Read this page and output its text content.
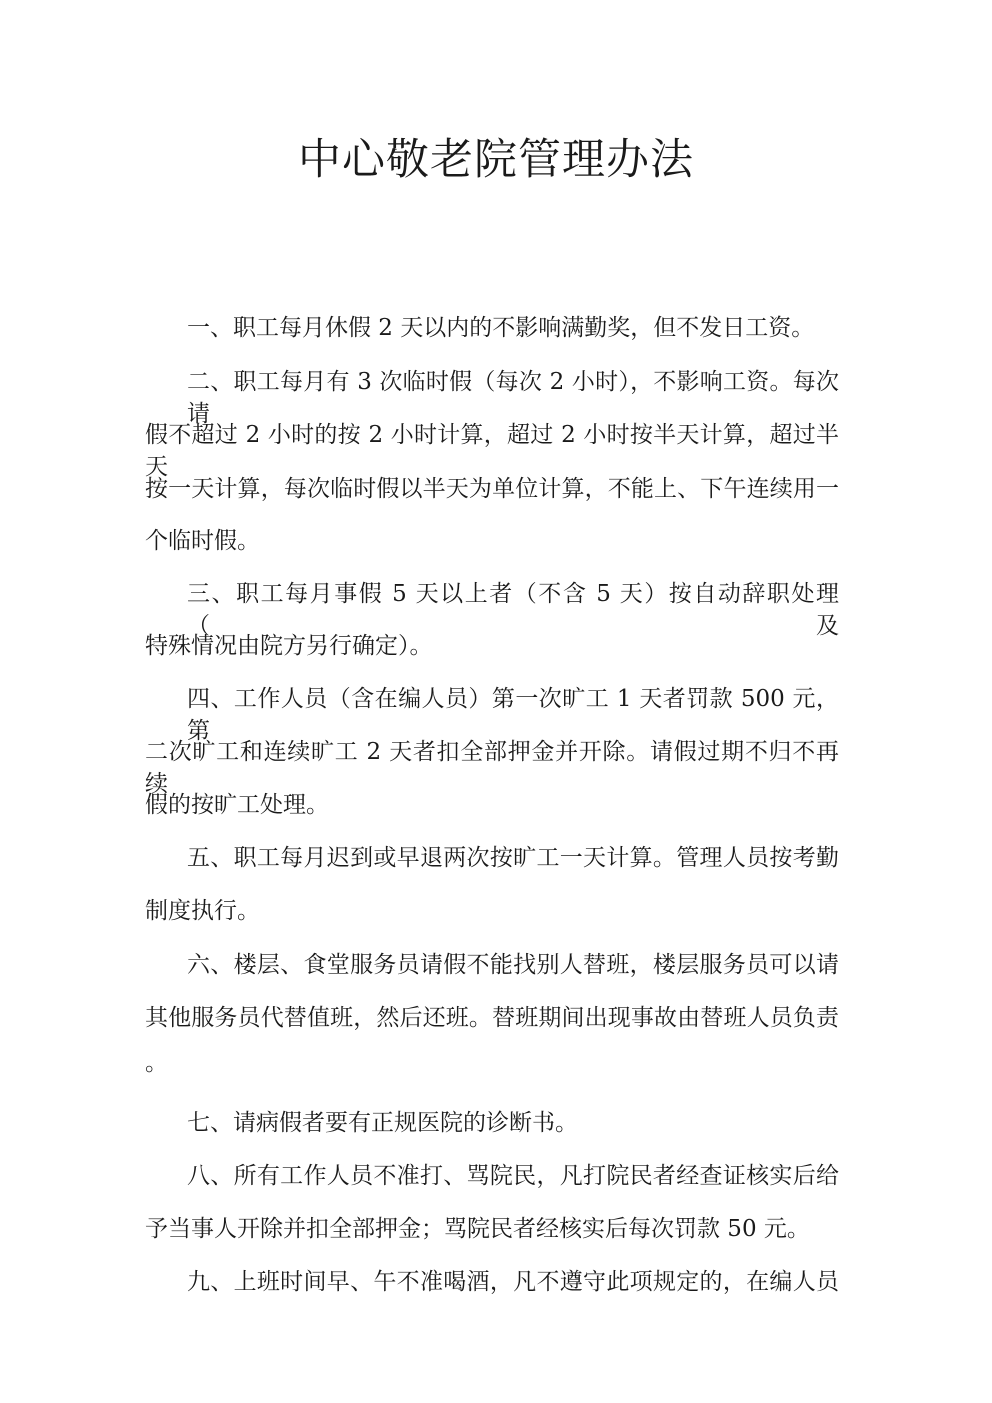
中心敬老院管理办法

一、职工每月休假 2 天以内的不影响满勤奖，但不发日工资。

二、职工每月有 3 次临时假（每次 2 小时），不影响工资。每次请

假不超过 2 小时的按 2 小时计算，超过 2 小时按半天计算，超过半天

按一天计算，每次临时假以半天为单位计算，不能上、下午连续用一

个临时假。

三、职工每月事假 5 天以上者（不含 5 天）按自动辞职处理（及

特殊情况由院方另行确定）。

四、工作人员（含在编人员）第一次旷工 1 天者罚款 500 元，第

二次旷工和连续旷工 2 天者扣全部押金并开除。请假过期不归不再续

假的按旷工处理。

五、职工每月迟到或早退两次按旷工一天计算。管理人员按考勤

制度执行。

六、楼层、食堂服务员请假不能找别人替班，楼层服务员可以请

其他服务员代替值班，然后还班。替班期间出现事故由替班人员负责

。

七、请病假者要有正规医院的诊断书。

八、所有工作人员不准打、骂院民，凡打院民者经查证核实后给

予当事人开除并扣全部押金；骂院民者经核实后每次罚款 50 元。

九、上班时间早、午不准喝酒，凡不遵守此项规定的，在编人员
